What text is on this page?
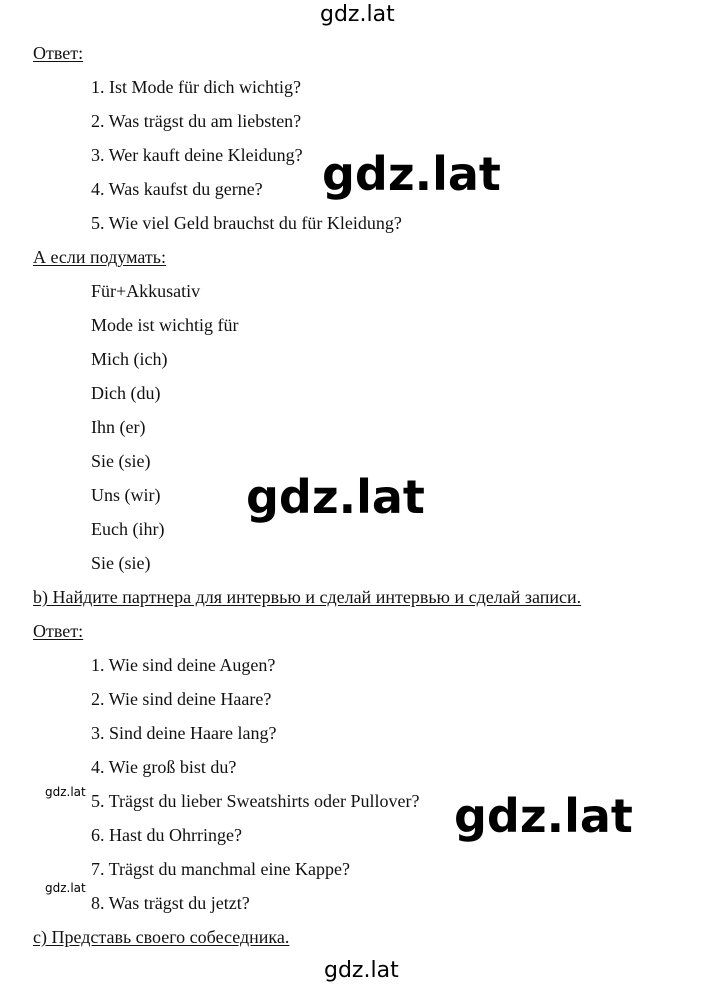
gdz.lat
gdz.lat
gdz.lat
gdz.lat
gdz.lat
gdz.lat
gdz.lat
Ответ:
1. Ist Mode für dich wichtig?
2. Was trägst du am liebsten?
3. Wer kauft deine Kleidung?
4. Was kaufst du gerne?
5. Wie viel Geld brauchst du für Kleidung?
А если подумать:
Für+Akkusativ
Mode ist wichtig für
Mich (ich)
Dich (du)
Ihn (er)
Sie (sie)
Uns (wir)
Euch (ihr)
Sie (sie)
b) Найдите партнера для интервью и сделай интервью и сделай записи.
Ответ:
1. Wie sind deine Augen?
2. Wie sind deine Haare?
3. Sind deine Haare lang?
4. Wie groß bist du?
5. Trägst du lieber Sweatshirts oder Pullover?
6. Hast du Ohrringe?
7. Trägst du manchmal eine Kappe?
8. Was trägst du jetzt?
c) Представь своего собеседника.
